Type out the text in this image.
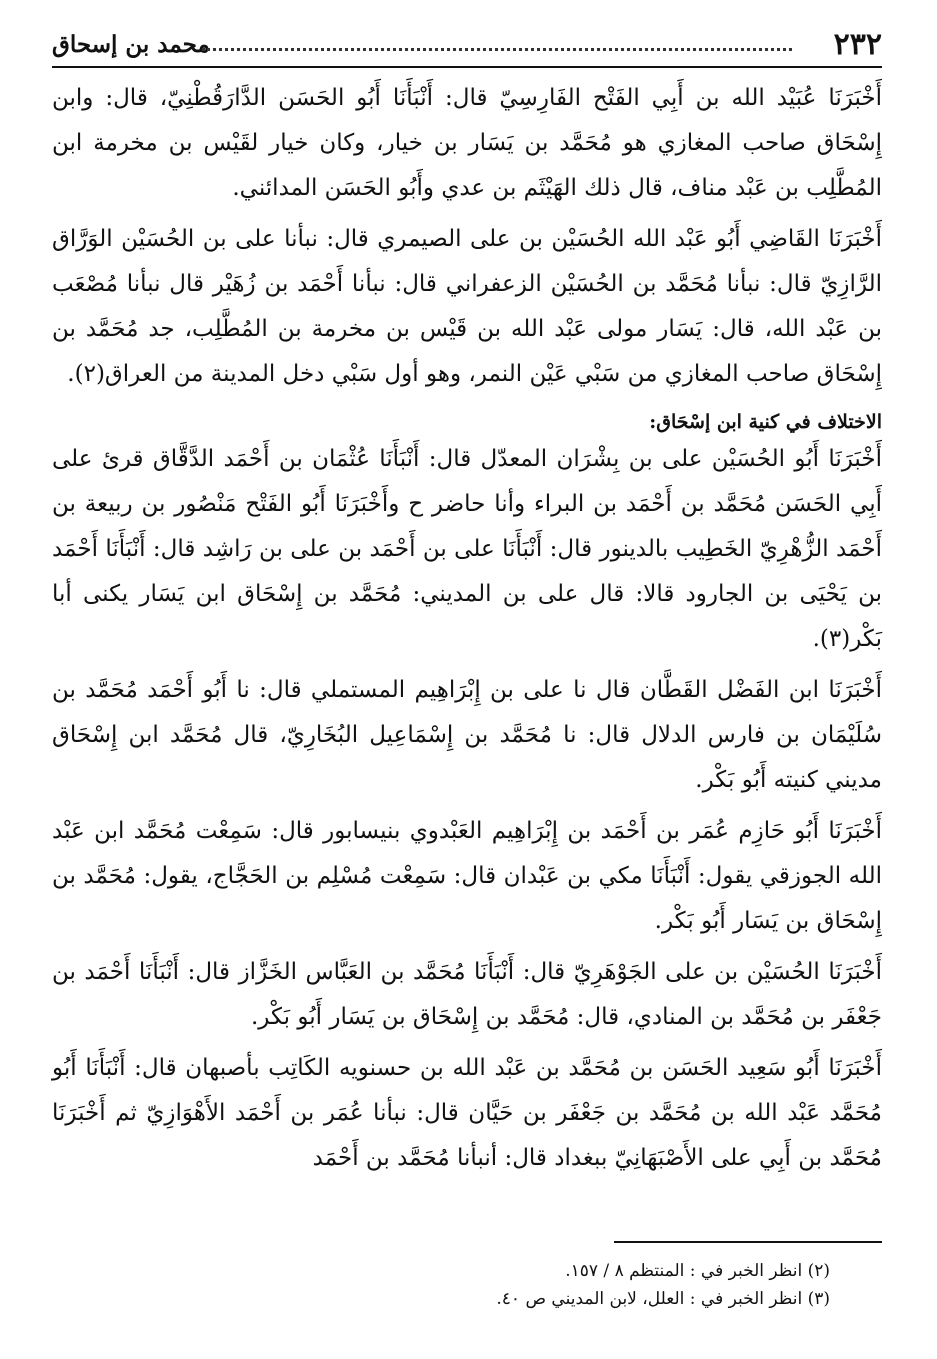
٢٣٢
محمد بن إسحاق

أَخْبَرَنَا عُبَيْد الله بن أَبِي الفَتْح الفَارِسِيّ قال: أَنْبَأَنَا أَبُو الحَسَن الدَّارَقُطْنِيّ، قال: وابن إِسْحَاق صاحب المغازي هو مُحَمَّد بن يَسَار بن خيار، وكان خيار لقَيْس بن مخرمة ابن المُطَّلِب بن عَبْد مناف، قال ذلك الهَيْثَم بن عدي وأَبُو الحَسَن المدائني.

أَخْبَرَنَا القَاضِي أَبُو عَبْد الله الحُسَيْن بن على الصيمري قال: نبأنا على بن الحُسَيْن الوَرَّاق الرَّازِيّ قال: نبأنا مُحَمَّد بن الحُسَيْن الزعفراني قال: نبأنا أَحْمَد بن زُهَيْر قال نبأنا مُصْعَب بن عَبْد الله، قال: يَسَار مولى عَبْد الله بن قَيْس بن مخرمة بن المُطَّلِب، جد مُحَمَّد بن إِسْحَاق صاحب المغازي من سَبْي عَيْن النمر، وهو أول سَبْي دخل المدينة من العراق(٢).

الاختلاف في كنية ابن إسْحَاق:

أَخْبَرَنَا أَبُو الحُسَيْن على بن بِشْرَان المعدّل قال: أَنْبَأَنَا عُثْمَان بن أَحْمَد الدَّقَّاق قرئ على أَبِي الحَسَن مُحَمَّد بن أَحْمَد بن البراء وأنا حاضر ح وأَخْبَرَنَا أَبُو الفَتْح مَنْصُور بن ربيعة بن أَحْمَد الزُّهْرِيّ الخَطِيب بالدينور قال: أَنْبَأَنَا على بن أَحْمَد بن على بن رَاشِد قال: أَنْبَأَنَا أَحْمَد بن يَحْيَى بن الجارود قالا: قال على بن المديني: مُحَمَّد بن إِسْحَاق ابن يَسَار يكنى أبا بَكْر(٣).

أَخْبَرَنَا ابن الفَضْل القَطَّان قال نا على بن إِبْرَاهِيم المستملي قال: نا أَبُو أَحْمَد مُحَمَّد بن سُلَيْمَان بن فارس الدلال قال: نا مُحَمَّد بن إِسْمَاعِيل البُخَارِيّ، قال مُحَمَّد ابن إِسْحَاق مديني كنيته أَبُو بَكْر.

أَخْبَرَنَا أَبُو حَازِم عُمَر بن أَحْمَد بن إِبْرَاهِيم العَبْدوي بنيسابور قال: سَمِعْت مُحَمَّد ابن عَبْد الله الجوزقي يقول: أَنْبَأَنَا مكي بن عَبْدان قال: سَمِعْت مُسْلِم بن الحَجَّاج، يقول: مُحَمَّد بن إِسْحَاق بن يَسَار أَبُو بَكْر.

أَخْبَرَنَا الحُسَيْن بن على الجَوْهَرِيّ قال: أَنْبَأَنَا مُحَمَّد بن العَبَّاس الخَزَّاز قال: أَنْبَأَنَا أَحْمَد بن جَعْفَر بن مُحَمَّد بن المنادي، قال: مُحَمَّد بن إِسْحَاق بن يَسَار أَبُو بَكْر.

أَخْبَرَنَا أَبُو سَعِيد الحَسَن بن مُحَمَّد بن عَبْد الله بن حسنويه الكَاتِب بأصبهان قال: أَنْبَأَنَا أَبُو مُحَمَّد عَبْد الله بن مُحَمَّد بن جَعْفَر بن حَيَّان قال: نبأنا عُمَر بن أَحْمَد الأَهْوَازِيّ ثم أَخْبَرَنَا مُحَمَّد بن أَبِي على الأَصْبَهَانِيّ ببغداد قال: أنبأنا مُحَمَّد بن أَحْمَد

(٢) انظر الخبر في : المنتظم ٨ / ١٥٧.
(٣) انظر الخبر في : العلل، لابن المديني ص ٤٠.
